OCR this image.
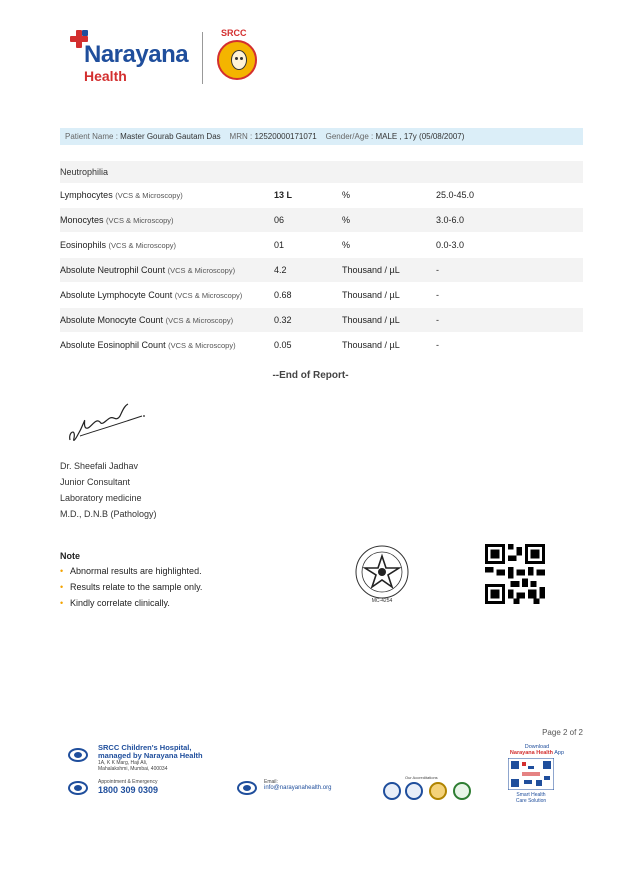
Narayana
Health
SRCC
Patient Name : Master Gourab Gautam Das MRN : 12520000171071 Gender/Age : MALE , 17y (05/08/2007)
Neutrophilia
Lymphocytes (VCS & Microscopy)	13 L	%	25.0-45.0
Monocytes (VCS & Microscopy)	06	%	3.0-6.0
Eosinophils (VCS & Microscopy)	01	%	0.0-3.0
Absolute Neutrophil Count (VCS & Microscopy)	4.2	Thousand / µL	-
Absolute Lymphocyte Count (VCS & Microscopy)	0.68	Thousand / µL	-
Absolute Monocyte Count (VCS & Microscopy)	0.32	Thousand / µL	-
Absolute Eosinophil Count (VCS & Microscopy)	0.05	Thousand / µL	-
--End of Report-
Dr. Sheefali Jadhav
Junior Consultant
Laboratory medicine
M.D., D.N.B (Pathology)
Note
• Abnormal results are highlighted.
• Results relate to the sample only.
• Kindly correlate clinically.	MC-4254
Page 2 of 2
SRCC Children's Hospital,
managed by Narayana Health
1A, K K Marg, Haji Ali,
Mahalakshmi, Mumbai, 400034
Appointment & Emergency
1800 309 0309
Email:
info@narayanahealth.org
Our Accreditations
Download
Narayana Health App
Smart Health
Care Solution
